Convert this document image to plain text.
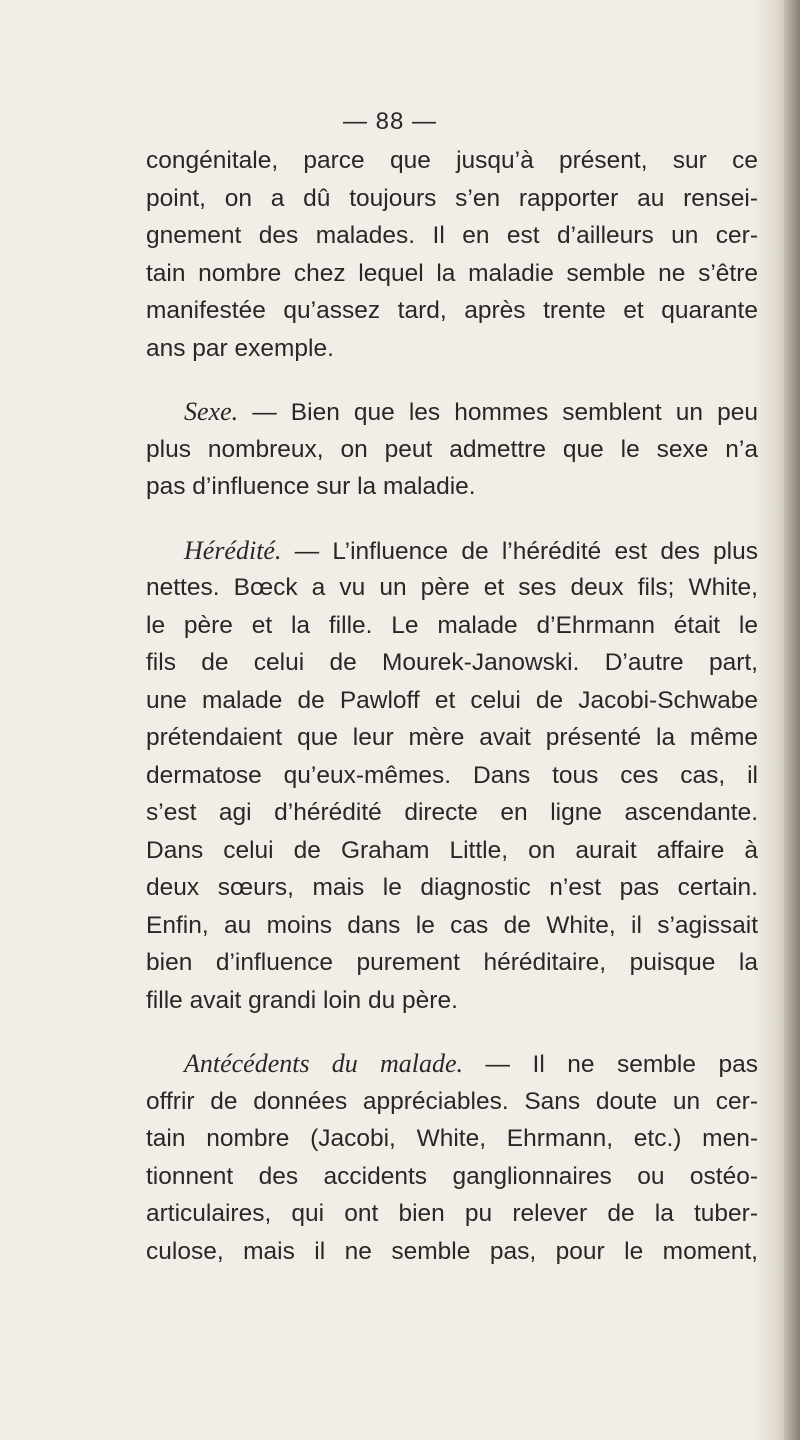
— 88 —
congénitale, parce que jusqu’à présent, sur ce
point, on a dû toujours s’en rapporter au rensei-
gnement des malades. Il en est d’ailleurs un cer-
tain nombre chez lequel la maladie semble ne s’être
manifestée qu’assez tard, après trente et quarante
ans par exemple.
Sexe. — Bien que les hommes semblent un peu
plus nombreux, on peut admettre que le sexe n’a
pas d’influence sur la maladie.
Hérédité. — L’influence de l’hérédité est des plus
nettes. Bœck a vu un père et ses deux fils; White,
le père et la fille. Le malade d’Ehrmann était le
fils de celui de Mourek-Janowski. D’autre part,
une malade de Pawloff et celui de Jacobi-Schwabe
prétendaient que leur mère avait présenté la même
dermatose qu’eux-mêmes. Dans tous ces cas, il
s’est agi d’hérédité directe en ligne ascendante.
Dans celui de Graham Little, on aurait affaire à
deux sœurs, mais le diagnostic n’est pas certain.
Enfin, au moins dans le cas de White, il s’agissait
bien d’influence purement héréditaire, puisque la
fille avait grandi loin du père.
Antécédents du malade. — Il ne semble pas
offrir de données appréciables. Sans doute un cer-
tain nombre (Jacobi, White, Ehrmann, etc.) men-
tionnent des accidents ganglionnaires ou ostéo-
articulaires, qui ont bien pu relever de la tuber-
culose, mais il ne semble pas, pour le moment,
